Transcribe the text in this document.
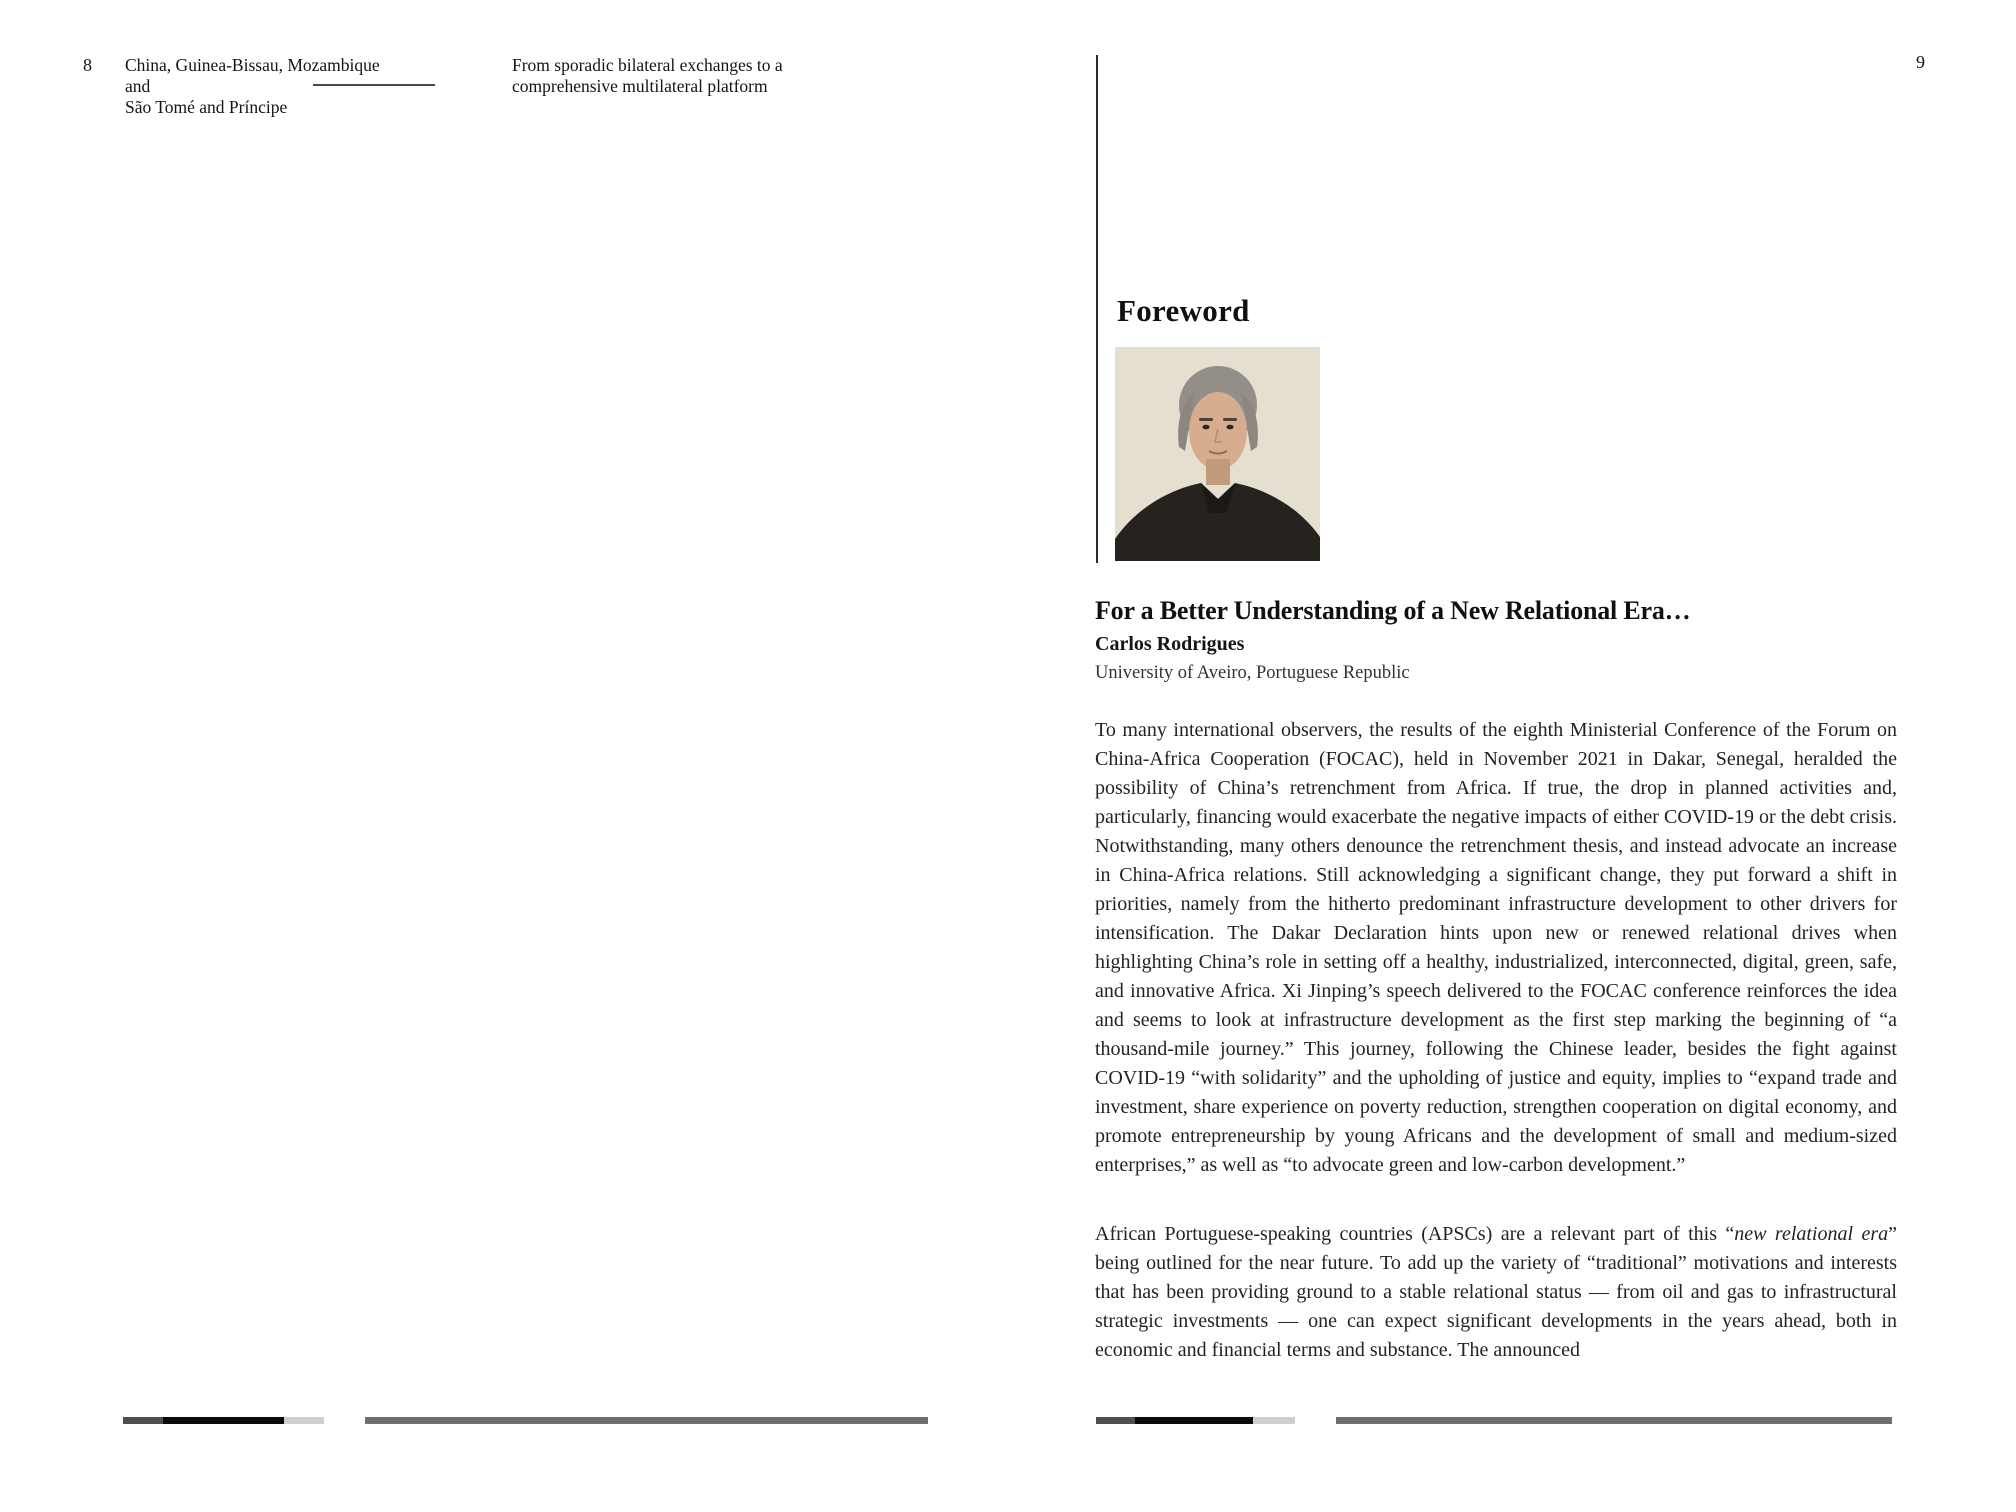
8 China, Guinea-Bissau, Mozambique and
São Tomé and Príncipe
From sporadic bilateral exchanges to a
comprehensive multilateral platform
9
Foreword
For a Better Understanding of a New Relational Era…
Carlos Rodrigues
University of Aveiro, Portuguese Republic

To many international observers, the results of the eighth Ministerial Conference of the Forum on China-Africa Cooperation (FOCAC), held in November 2021 in Dakar, Senegal, heralded the possibility of China’s retrenchment from Africa. If true, the drop in planned activities and, particularly, financing would exacerbate the negative impacts of either COVID-19 or the debt crisis. Notwithstanding, many others denounce the retrenchment thesis, and instead advocate an increase in China-Africa relations. Still acknowledging a significant change, they put forward a shift in priorities, namely from the hitherto predominant infrastructure development to other drivers for intensification. The Dakar Declaration hints upon new or renewed relational drives when highlighting China’s role in setting off a healthy, industrialized, interconnected, digital, green, safe, and innovative Africa. Xi Jinping’s speech delivered to the FOCAC conference reinforces the idea and seems to look at infrastructure development as the first step marking the beginning of “a thousand-mile journey.” This journey, following the Chinese leader, besides the fight against COVID-19 “with solidarity” and the upholding of justice and equity, implies to “expand trade and investment, share experience on poverty reduction, strengthen cooperation on digital economy, and promote entrepreneurship by young Africans and the development of small and medium-sized enterprises,” as well as “to advocate green and low-carbon development.”

African Portuguese-speaking countries (APSCs) are a relevant part of this “new relational era” being outlined for the near future. To add up the variety of “traditional” motivations and interests that has been providing ground to a stable relational status — from oil and gas to infrastructural strategic investments — one can expect significant developments in the years ahead, both in economic and financial terms and substance. The announced
